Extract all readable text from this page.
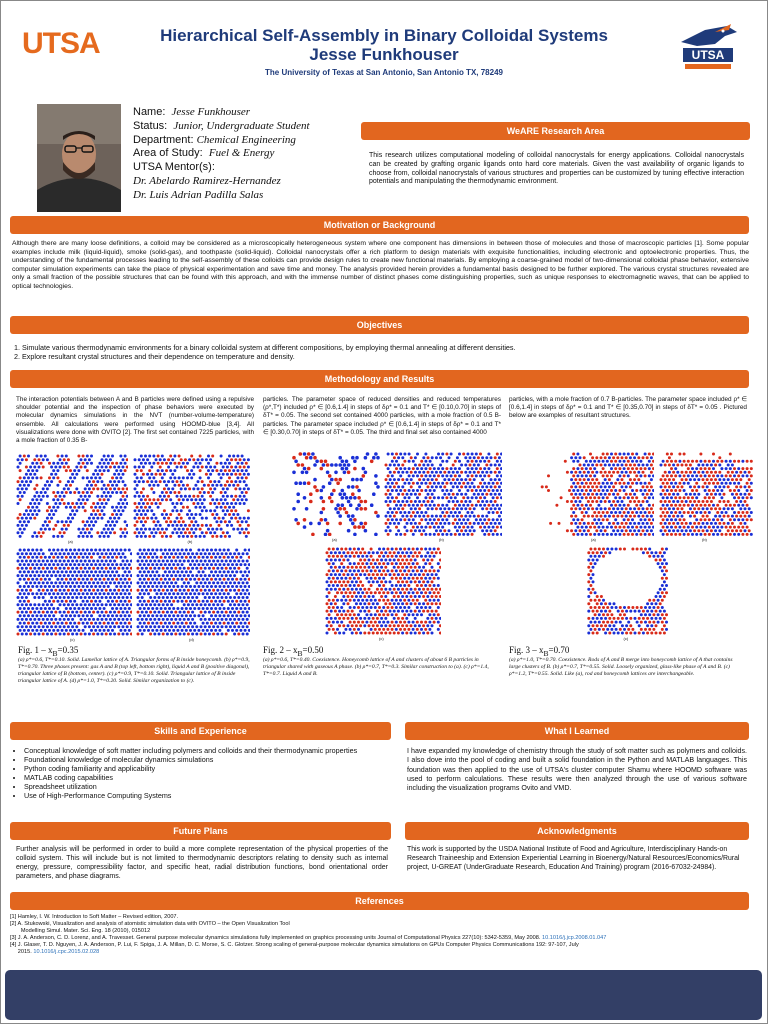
UTSA	Hierarchical Self-Assembly in Binary Colloidal Systems
Jesse Funkhouser
The University of Texas at San Antonio, San Antonio TX, 78249
UTSA
Name: Jesse Funkhouser
Status: Junior, Undergraduate Student
Department: Chemical Engineering
Area of Study: Fuel & Energy
UTSA Mentor(s):
Dr. Abelardo Ramirez-Hernandez
Dr. Luis Adrian Padilla Salas
WeARE Research Area
This research utilizes computational modeling of colloidal nanocrystals for energy applications. Colloidal nanocrystals can be created by grafting organic ligands onto hard core materials. Given the vast availability of organic ligands to choose from, colloidal nanocrystals of various structures and properties can be customized by tuning effective interaction potentials and manipulating the thermodynamic environment.
Motivation or Background
Although there are many loose definitions, a colloid may be considered as a microscopically heterogeneous system where one component has dimensions in between those of molecules and those of macroscopic particles [1]. Some popular examples include milk (liquid-liquid), smoke (solid-gas), and toothpaste (solid-liquid). Colloidal nanocrystals offer a rich platform to design materials with exquisite functionalities, including electronic and optoelectronic properties. Thus, the understanding of the fundamental processes leading to the self-assembly of these colloids can provide design rules to create new functional materials. By employing a coarse-grained model of two-dimensional colloidal phase behavior, extensive computer simulation experiments can take the place of physical experimentation and save time and money. The analysis provided herein provides a fundamental basis designed to be further explored. The various crystal structures revealed are only a small fraction of the possible structures that can be found with this approach, and with the immense number of distinct phases come distinguishing properties, such as unique responses to electromagnetic waves, that can be applied to optical technologies.
Objectives
1. Simulate various thermodynamic environments for a binary colloidal system at different compositions, by employing thermal annealing at different densities.
2. Explore resultant crystal structures and their dependence on temperature and density.
Methodology and Results
The interaction potentials between A and B particles were defined using a repulsive shoulder potential and the inspection of phase behaviors were executed by molecular dynamics simulations in the NVT (number-volume-temperature) ensemble. All calculations were performed using HOOMD-blue [3,4]. All visualizations were done with OVITO [2]. The first set contained 7225 particles, with a mole fraction of 0.35 B-
particles. The parameter space of reduced densities and reduced temperatures (ρ*,T*) included ρ* ∈ [0.6,1.4] in steps of δρ* = 0.1 and T* ∈ [0.10,0.70] in steps of δT* = 0.05. The second set contained 4000 particles, with a mole fraction of 0.5 B-particles. The parameter space included ρ* ∈ [0.6,1.4] in steps of δρ* = 0.1 and T* ∈ [0.30,0.70] in steps of δT* = 0.05. The third and final set also contained 4000
particles, with a mole fraction of 0.7 B-particles. The parameter space included ρ* ∈ [0.6,1.4] in steps of δρ* = 0.1 and T* ∈ [0.35,0.70] in steps of δT* = 0.05 . Pictured below are examples of resultant structures.
(a)	(b)
(c)	(d)
(a)	(b)
(c)
(a)	(b)
(c)
Fig. $1 - x_B=0.35$
(a) ρ*=0.6, T*=0.10. Solid. Lamellar lattice of A. Triangular forms of B inside honeycomb. (b) ρ*=0.9, T*=0.70. Three phases present: gas A and B (top left, bottom right), liquid A and B (positive diagonal), triangular lattice of B (bottom, center). (c) ρ*=0.9, T*=0.10. Solid. Triangular lattice of B inside triangular lattice of A. (d) ρ*=1.0, T*=0.20. Solid. Similar organization to (c).
Fig. $2 - x_B=0.50$
(a) ρ*=0.6, T*=0.40. Coexistence. Honeycomb lattice of A and clusters of about 6 B particles in triangular shared with gaseous A phase. (b) ρ*=0.7, T*=0.3. Similar construction to (a). (c) ρ*=1.4, T*=0.7. Liquid A and B.
Fig. $3 - x_B=0.70$
(a) ρ*=1.0, T*=0.70. Coexistence. Rods of A and B merge into honeycomb lattice of A that contains large clusters of B. (b) ρ*=0.7, T*=0.55. Solid. Loosely organized, glass-like phase of A and B. (c) ρ*=1.2, T*=0.55. Solid. Like (a), rod and honeycomb lattices are interchangeable.
Skills and Experience
• Conceptual knowledge of soft matter including polymers and colloids and their thermodynamic properties
• Foundational knowledge of molecular dynamics simulations
• Python coding familiarity and applicability
• MATLAB coding capabilities
• Spreadsheet utilization
• Use of High-Performance Computing Systems
What I Learned
I have expanded my knowledge of chemistry through the study of soft matter such as polymers and colloids. I also dove into the pool of coding and built a solid foundation in the Python and MATLAB languages. This foundation was then applied to the use of UTSA's cluster computer Shamu where HOOMD software was used to perform calculations. These results were then analyzed through the use of various software including the visualization programs Ovito and VMD.
Future Plans
Further analysis will be performed in order to build a more complete representation of the physical properties of the colloid system. This will include but is not limited to thermodynamic descriptors relating to density such as internal energy, pressure, compressibility factor, and specific heat, radial distribution functions, bond orientational order parameters, and phase diagrams.
Acknowledgments
This work is supported by the USDA National Institute of Food and Agriculture, Interdisciplinary Hands-on Research Traineeship and Extension Experiential Learning in Bioenergy/Natural Resources/Economics/Rural project, U-GREAT (UnderGraduate Research, Education And Training) program (2016-67032-24984).
References
[1] Hamley, I. W. Introduction to Soft Matter – Revised edition, 2007.
[2] A. Stukowski, Visualization and analysis of atomistic simulation data with OVITO – the Open Visualization Tool
Modelling Simul. Mater. Sci. Eng. 18 (2010), 015012
[3] J. A. Anderson, C. D. Lorenz, and A. Travesset. General purpose molecular dynamics simulations fully implemented on graphics processing units Journal of Computational Physics 227(10): 5342-5359, May 2008. 10.1016/j.jcp.2008.01.047
[4] J. Glaser, T. D. Nguyen, J. A. Anderson, P. Lui, F. Spiga, J. A. Millan, D. C. Morse, S. C. Glotzer. Strong scaling of general-purpose molecular dynamics simulations on GPUs Computer Physics Communications 192: 97-107, July
2015. 10.1016/j.cpc.2015.02.028
